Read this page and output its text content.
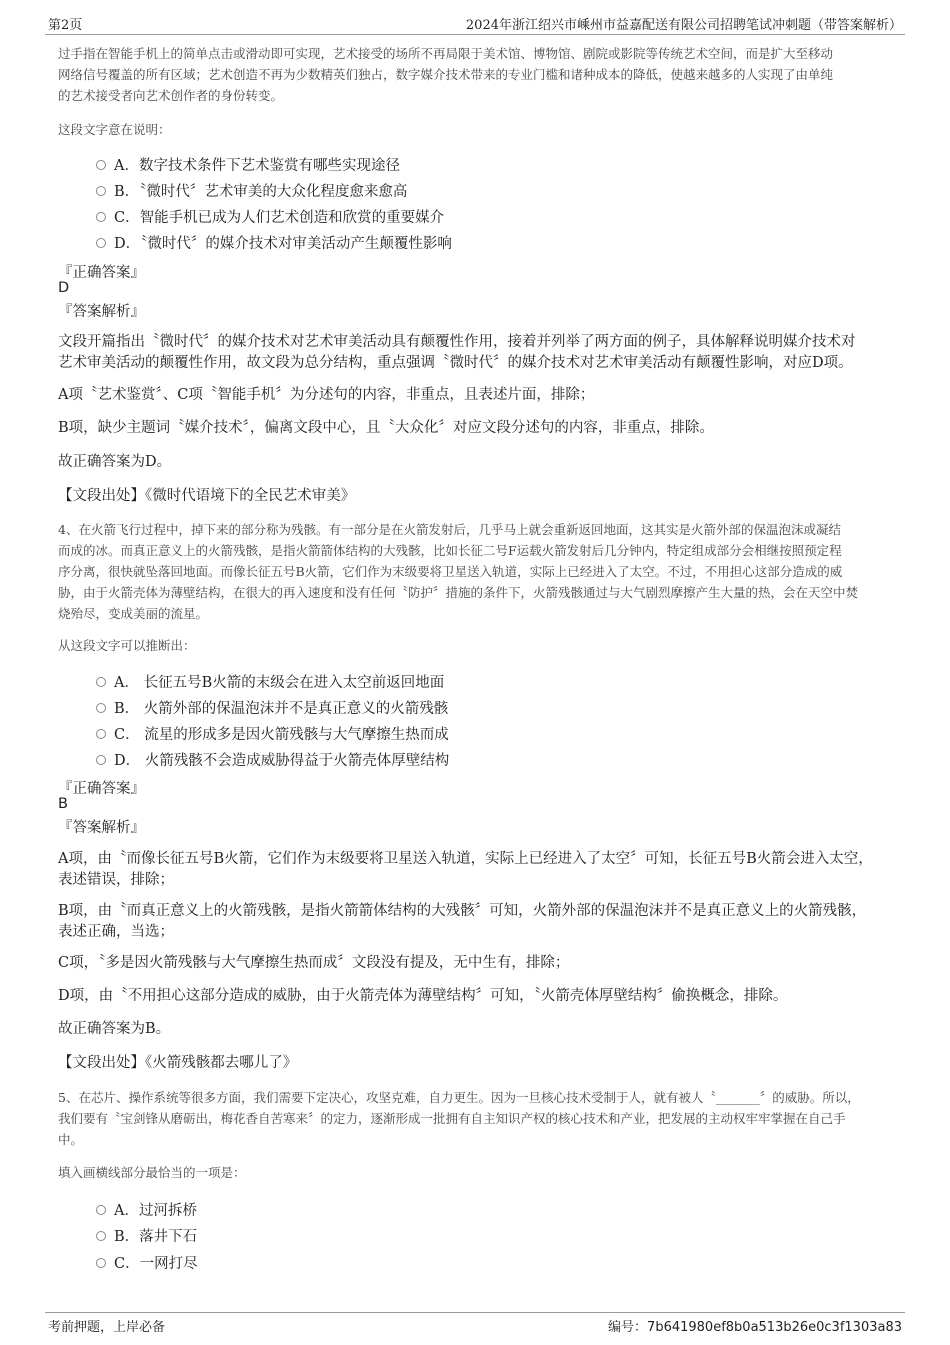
第2页	2024年浙江绍兴市嵊州市益嘉配送有限公司招聘笔试冲刺题（带答案解析）
过手指在智能手机上的简单点击或滑动即可实现，艺术接受的场所不再局限于美术馆、博物馆、剧院或影院等传统艺术空间，而是扩大至移动
网络信号覆盖的所有区域；艺术创造不再为少数精英们独占，数字媒介技术带来的专业门槛和诸种成本的降低，使越来越多的人实现了由单纯
的艺术接受者向艺术创作者的身份转变。
这段文字意在说明：
A．数字技术条件下艺术鉴赏有哪些实现途径
B．〝微时代〞艺术审美的大众化程度愈来愈高
C．智能手机已成为人们艺术创造和欣赏的重要媒介
D．〝微时代〞的媒介技术对审美活动产生颠覆性影响
『正确答案』
D
『答案解析』
文段开篇指出〝微时代〞的媒介技术对艺术审美活动具有颠覆性作用，接着并列举了两方面的例子，具体解释说明媒介技术对
艺术审美活动的颠覆性作用，故文段为总分结构，重点强调〝微时代〞的媒介技术对艺术审美活动有颠覆性影响，对应D项。
A项〝艺术鉴赏〞、C项〝智能手机〞为分述句的内容，非重点，且表述片面，排除；
B项，缺少主题词〝媒介技术〞，偏离文段中心，且〝大众化〞对应文段分述句的内容，非重点，排除。
故正确答案为D。
【文段出处】《微时代语境下的全民艺术审美》
4、在火箭飞行过程中，掉下来的部分称为残骸。有一部分是在火箭发射后，几乎马上就会重新返回地面，这其实是火箭外部的保温泡沫或凝结
而成的冰。而真正意义上的火箭残骸，是指火箭箭体结构的大残骸，比如长征二号F运载火箭发射后几分钟内，特定组成部分会相继按照预定程
序分离，很快就坠落回地面。而像长征五号B火箭，它们作为末级要将卫星送入轨道，实际上已经进入了太空。不过，不用担心这部分造成的威
胁，由于火箭壳体为薄壁结构，在很大的再入速度和没有任何〝防护〞措施的条件下，火箭残骸通过与大气剧烈摩擦产生大量的热，会在天空中焚
烧殆尽，变成美丽的流星。
从这段文字可以推断出：
A． 长征五号B火箭的末级会在进入太空前返回地面
B． 火箭外部的保温泡沫并不是真正意义的火箭残骸
C． 流星的形成多是因火箭残骸与大气摩擦生热而成
D． 火箭残骸不会造成威胁得益于火箭壳体厚壁结构
『正确答案』
B
『答案解析』
A项，由〝而像长征五号B火箭，它们作为末级要将卫星送入轨道，实际上已经进入了太空〞可知，长征五号B火箭会进入太空，
表述错误，排除；
B项，由〝而真正意义上的火箭残骸，是指火箭箭体结构的大残骸〞可知，火箭外部的保温泡沫并不是真正意义上的火箭残骸，
表述正确，当选；
C项，〝多是因火箭残骸与大气摩擦生热而成〞文段没有提及，无中生有，排除；
D项，由〝不用担心这部分造成的威胁，由于火箭壳体为薄壁结构〞可知，〝火箭壳体厚壁结构〞偷换概念，排除。
故正确答案为B。
【文段出处】《火箭残骸都去哪儿了》
5、在芯片、操作系统等很多方面，我们需要下定决心，攻坚克难，自力更生。因为一旦核心技术受制于人，就有被人〝_______〞的威胁。所以，
我们要有〝宝剑锋从磨砺出，梅花香自苦寒来〞的定力，逐渐形成一批拥有自主知识产权的核心技术和产业，把发展的主动权牢牢掌握在自己手
中。
填入画横线部分最恰当的一项是：
A．过河拆桥
B．落井下石
C．一网打尽
考前押题，上岸必备	编号：7b641980ef8b0a513b26e0c3f1303a83
